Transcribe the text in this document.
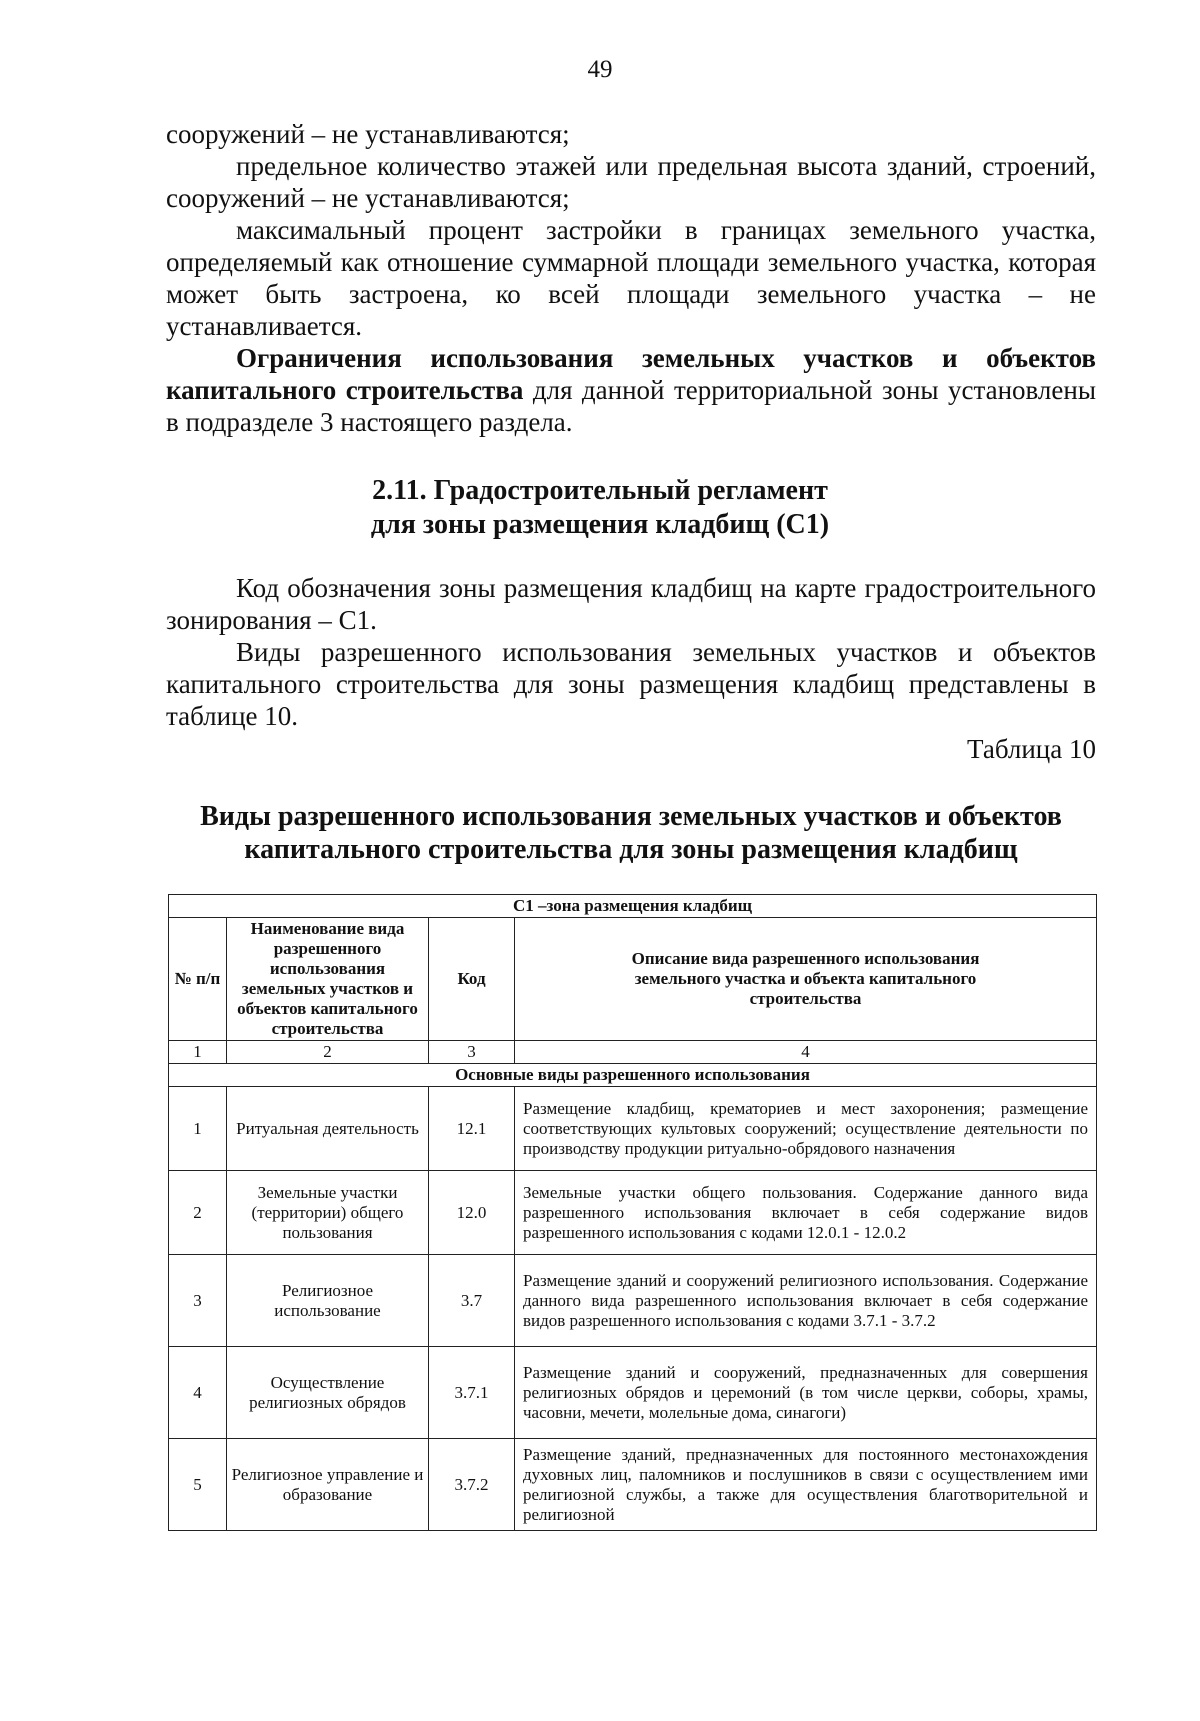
49

сооружений – не устанавливаются;

предельное количество этажей или предельная высота зданий, строений, сооружений – не устанавливаются;

максимальный процент застройки в границах земельного участка, определяемый как отношение суммарной площади земельного участка, которая может быть застроена, ко всей площади земельного участка – не устанавливается.

Ограничения использования земельных участков и объектов капитального строительства для данной территориальной зоны установлены в подразделе 3 настоящего раздела.

2.11. Градостроительный регламент
для зоны размещения кладбищ (С1)

Код обозначения зоны размещения кладбищ на карте градостроительного зонирования – С1.

Виды разрешенного использования земельных участков и объектов капитального строительства для зоны размещения кладбищ представлены в таблице 10.

Таблица 10
Виды разрешенного использования земельных участков и объектов
капитального строительства для зоны размещения кладбищ
С1 –зона размещения кладбищ			
№ п/п	Наименование вида разрешенного использования земельных участков и объектов капитального строительства	Код	Описание вида разрешенного использования земельного участка и объекта капитального строительства
1	2	3	4
Основные виды разрешенного использования			
1	Ритуальная деятельность	12.1	Размещение кладбищ, крематориев и мест захоронения; размещение соответствующих культовых сооружений; осуществление деятельности по производству продукции ритуально-обрядового назначения
2	Земельные участки (территории) общего пользования	12.0	Земельные участки общего пользования. Содержание данного вида разрешенного использования включает в себя содержание видов разрешенного использования с кодами 12.0.1 - 12.0.2
3	Религиозное использование	3.7	Размещение зданий и сооружений религиозного использования. Содержание данного вида разрешенного использования включает в себя содержание видов разрешенного использования с кодами 3.7.1 - 3.7.2
4	Осуществление религиозных обрядов	3.7.1	Размещение зданий и сооружений, предназначенных для совершения религиозных обрядов и церемоний (в том числе церкви, соборы, храмы, часовни, мечети, молельные дома, синагоги)
5	Религиозное управление и образование	3.7.2	Размещение зданий, предназначенных для постоянного местонахождения духовных лиц, паломников и послушников в связи с осуществлением ими религиозной службы, а также для осуществления благотворительной и религиозной
